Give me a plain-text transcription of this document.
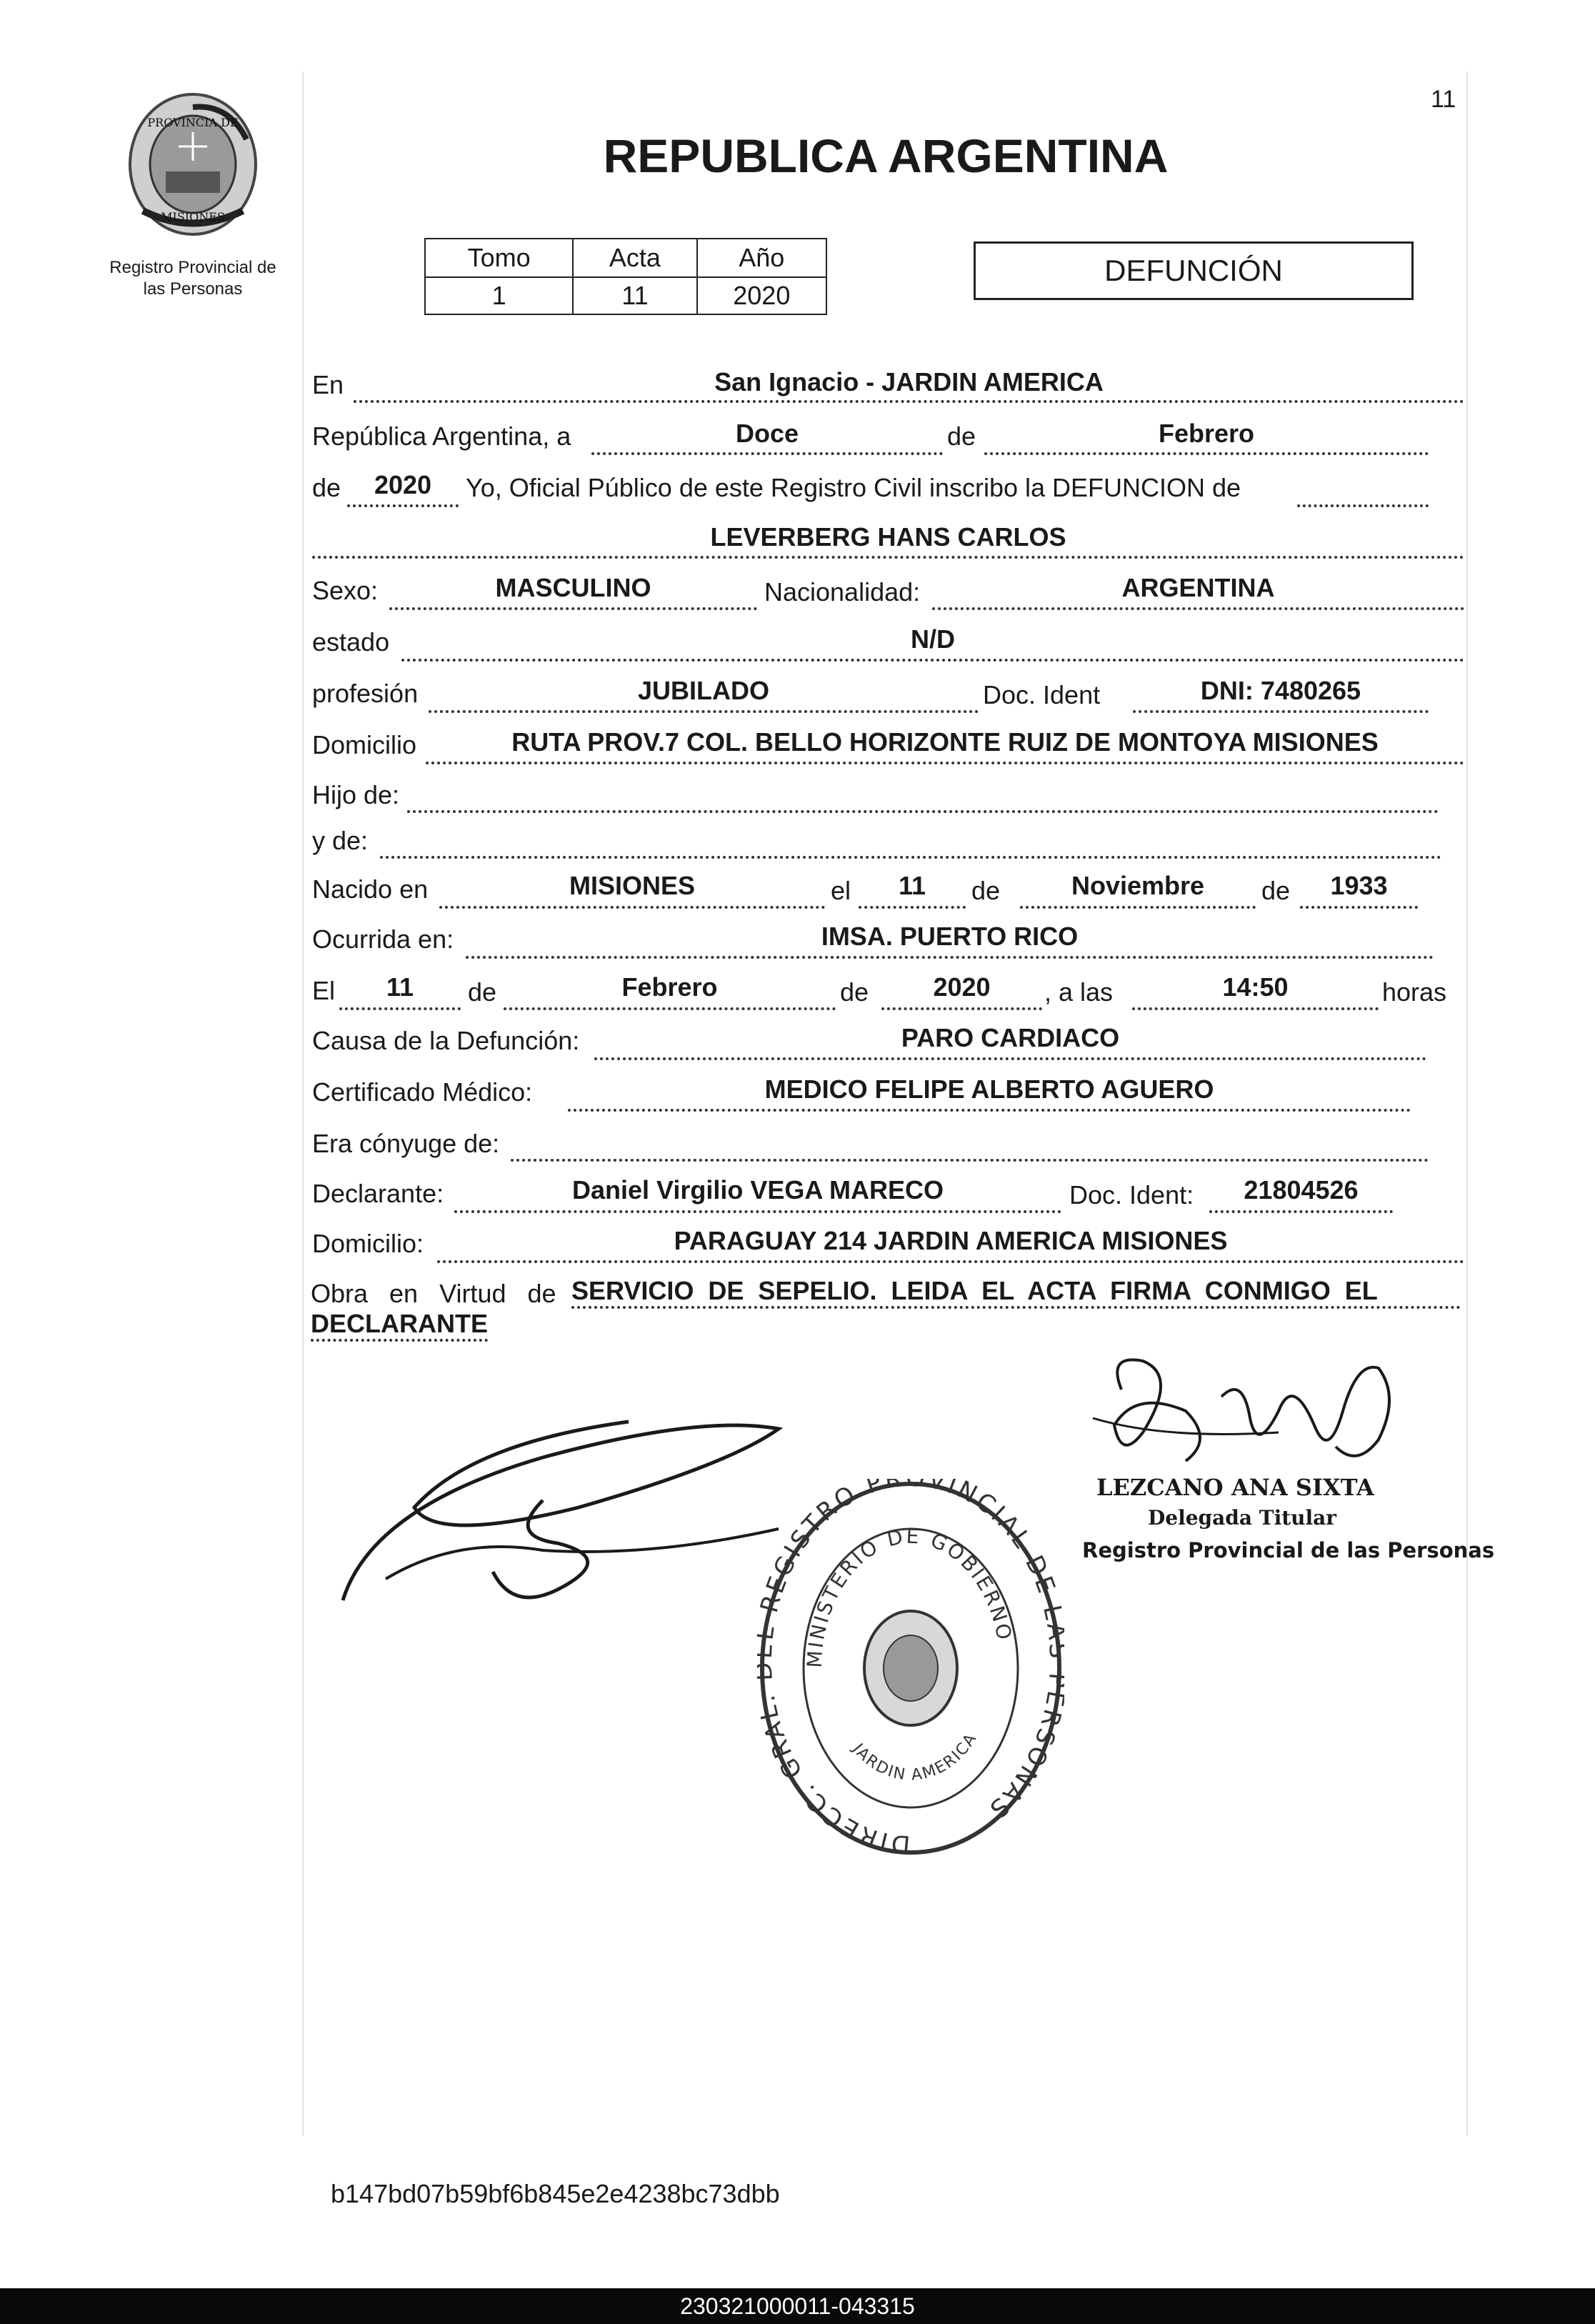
11
PROVINCIA DE
MISIONES
Registro Provincial de
las Personas
REPUBLICA ARGENTINA
Tomo	Acta	Año
1	11	2020
DEFUNCIÓN
En	San Ignacio - JARDIN AMERICA
República Argentina, a	Doce	de	Febrero
de	2020	Yo, Oficial Público de este Registro Civil inscribo la DEFUNCION de
LEVERBERG HANS CARLOS
Sexo:	MASCULINO	Nacionalidad:	ARGENTINA
estado	N/D
profesión	JUBILADO	Doc. Ident	DNI: 7480265
Domicilio	RUTA PROV.7 COL. BELLO HORIZONTE RUIZ DE MONTOYA MISIONES
Hijo de:
y de:
Nacido en	MISIONES	el	11	de	Noviembre	de	1933
Ocurrida en:	IMSA. PUERTO RICO
El	11	de	Febrero	de	2020	, a las	14:50	horas
Causa de la Defunción:	PARO CARDIACO
Certificado Médico:	MEDICO FELIPE ALBERTO AGUERO
Era cónyuge de:
Declarante:	Daniel Virgilio VEGA MARECO	Doc. Ident:	21804526
Domicilio:	PARAGUAY 214 JARDIN AMERICA MISIONES
Obra   en   Virtud   de SERVICIO  DE  SEPELIO.  LEIDA  EL  ACTA  FIRMA  CONMIGO  EL
DECLARANTE
LEZCANO ANA SIXTA
Delegada Titular
Registro Provincial de las Personas
DIRECC. GRA REGISTRO PR VINCIAL DE RSONAS
MINISTERIO DE GOBIERNO
JARDIN AMERICA
b147bd07b59bf6b845e2e4238bc73dbb
230321000011-043315
